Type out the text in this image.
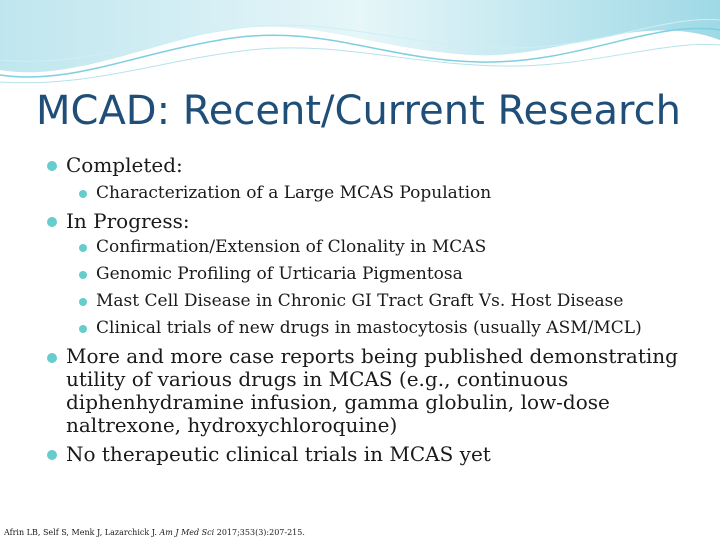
MCAD: Recent/Current Research
Completed:
Characterization of a Large MCAS Population
In Progress:
Confirmation/Extension of Clonality in MCAS
Genomic Profiling of Urticaria Pigmentosa
Mast Cell Disease in Chronic GI Tract Graft Vs. Host Disease
Clinical trials of new drugs in mastocytosis (usually ASM/MCL)
More and more case reports being published demonstrating utility of various drugs in MCAS (e.g., continuous diphenhydramine infusion, gamma globulin, low-dose naltrexone, hydroxychloroquine)
No therapeutic clinical trials in MCAS yet
Afrin LB, Self S, Menk J, Lazarchick J. Am J Med Sci 2017;353(3):207-215.
